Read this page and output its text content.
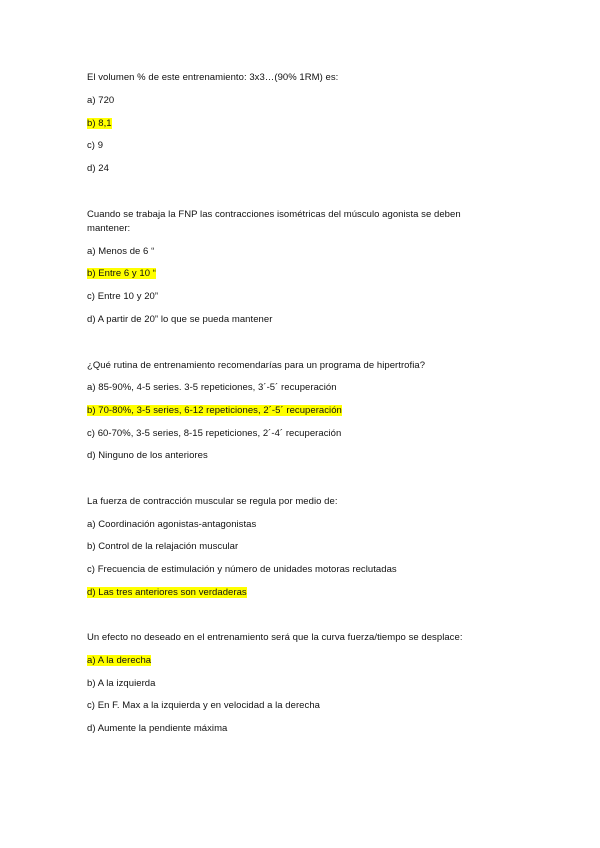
El volumen % de este entrenamiento: 3x3…(90% 1RM) es:
a) 720
b) 8,1
c) 9
d) 24
Cuando se trabaja la FNP las contracciones isométricas del músculo agonista se deben
mantener:
a) Menos de 6 “
b) Entre 6 y 10 “
c) Entre 10 y 20”
d) A partir de 20” lo que se pueda mantener
¿Qué rutina de entrenamiento recomendarías para un programa de hipertrofia?
a) 85-90%, 4-5 series. 3-5 repeticiones, 3´-5´ recuperación
b) 70-80%, 3-5 series, 6-12 repeticiones, 2´-5´ recuperación
c) 60-70%, 3-5 series, 8-15 repeticiones, 2´-4´ recuperación
d) Ninguno de los anteriores
La fuerza de contracción muscular se regula por medio de:
a) Coordinación agonistas-antagonistas
b) Control de la relajación muscular
c) Frecuencia de estimulación y número de unidades motoras reclutadas
d) Las tres anteriores son verdaderas
Un efecto no deseado en el entrenamiento será que la curva fuerza/tiempo se desplace:
a) A la derecha
b) A la izquierda
c) En F. Max a la izquierda y en velocidad a la derecha
d) Aumente la pendiente máxima
